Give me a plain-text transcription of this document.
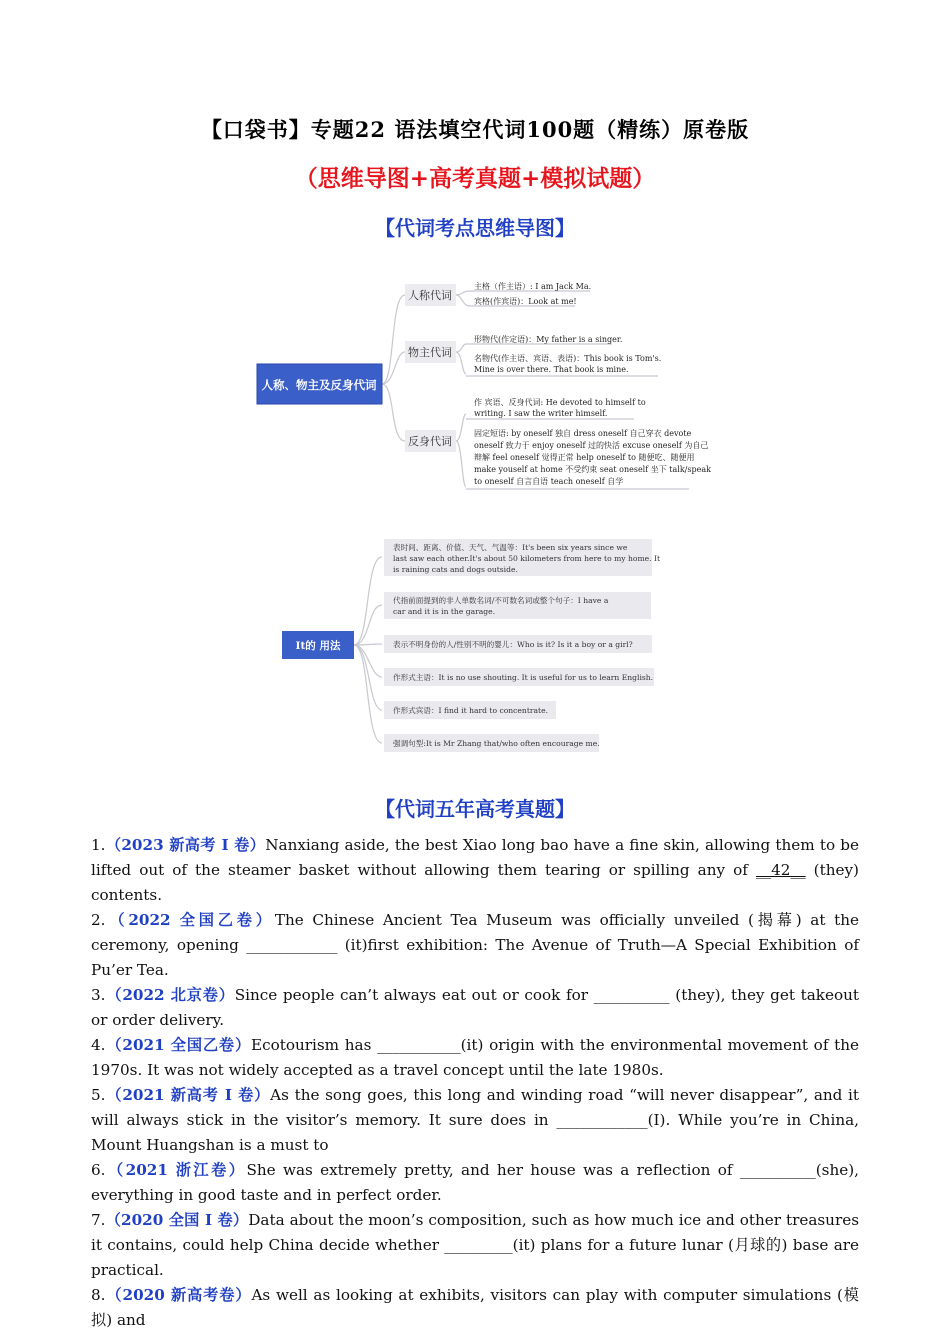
【口袋书】专题22 语法填空代词100题（精练）原卷版
（思维导图+高考真题+模拟试题）
【代词考点思维导图】
人称、物主及反身代词
人称代词
物主代词
反身代词
主格（作主语）: I am Jack Ma.
宾格(作宾语)：Look at me!
形物代(作定语)：My father is a singer.
名物代(作主语、宾语、表语)：This book is Tom's.
Mine is over there. That book is mine.
作 宾语、反身代词: He devoted to himself to
writing. I saw the writer himself.
固定短语: by oneself 独自 dress oneself 自己穿衣 devote
oneself 致力于 enjoy oneself 过的快活 excuse oneself 为自己
辩解 feel oneself 觉得正常 help oneself to 随便吃、随便用
make youself at home 不受约束 seat oneself 坐下 talk/speak
to oneself 自言自语 teach oneself 自学
It的 用法
表时间、距离、价值、天气、气温等：It's been six years since we
last saw each other.It's about 50 kilometers from here to my home. It
is raining cats and dogs outside.
代指前面提到的非人单数名词/不可数名词或整个句子：I have a
car and it is in the garage.
表示不明身份的人/性别不明的婴儿：Who is it? Is it a boy or a girl?
作形式主语：It is no use shouting. It is useful for us to learn English.
作形式宾语：I find it hard to concentrate.
强调句型:It is Mr Zhang that/who often encourage me.
【代词五年高考真题】

1.（2023 新高考 I 卷）Nanxiang aside, the best Xiao long bao have a fine skin, allowing them to be lifted out of the steamer basket without allowing them tearing or spilling any of __42__ (they) contents.

2.（2022 全国乙卷）The Chinese Ancient Tea Museum was officially unveiled (揭幕) at the ceremony, opening ____________ (it)first exhibition: The Avenue of Truth—A Special Exhibition of Pu’er Tea.

3.（2022 北京卷）Since people can’t always eat out or cook for __________ (they), they get takeout or order delivery.

4.（2021 全国乙卷）Ecotourism has ___________(it) origin with the environmental movement of the 1970s. It was not widely accepted as a travel concept until the late 1980s.

5.（2021 新高考 I 卷）As the song goes, this long and winding road “will never disappear”, and it will always stick in the visitor’s memory. It sure does in ____________(I). While you’re in China, Mount Huangshan is a must to

6.（2021 浙江卷）She was extremely pretty, and her house was a reflection of __________(she), everything in good taste and in perfect order.

7.（2020 全国 I 卷）Data about the moon’s composition, such as how much ice and other treasures it contains, could help China decide whether _________(it) plans for a future lunar (月球的) base are practical.

8.（2020 新高考卷）As well as looking at exhibits, visitors can play with computer simulations (模拟) and
